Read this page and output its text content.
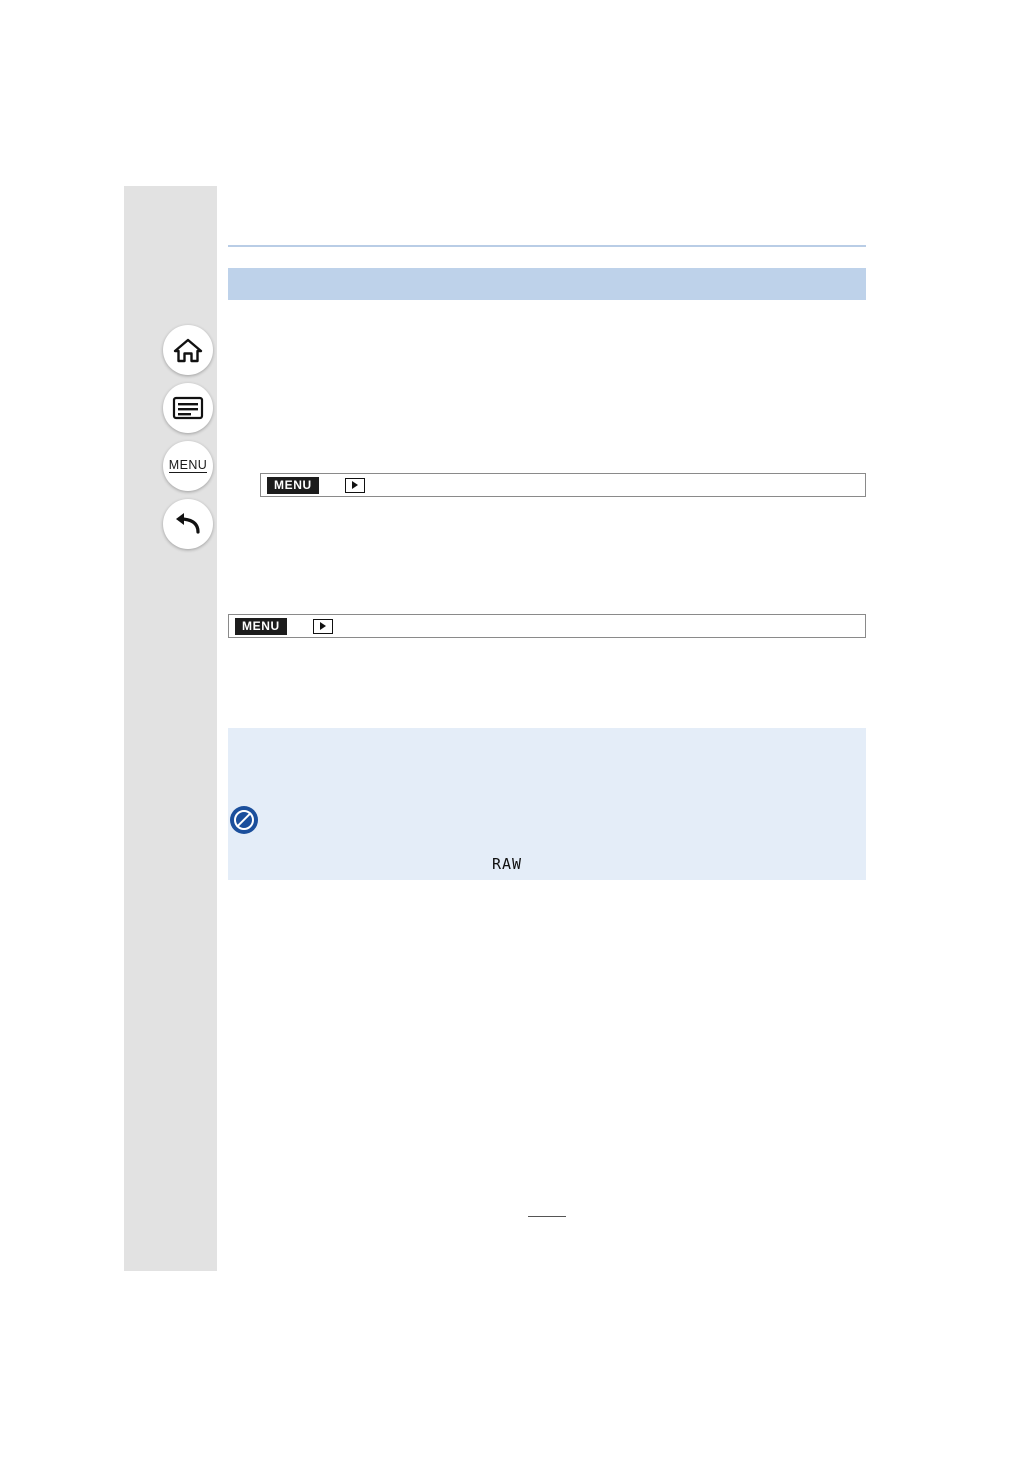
MENU
MENU
MENU
RAW
